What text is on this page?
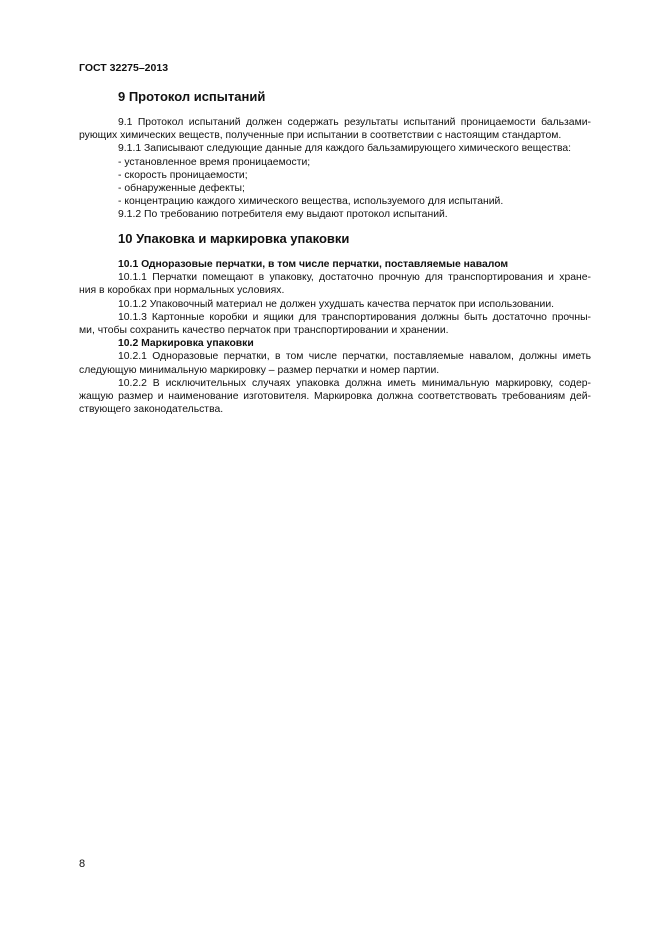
ГОСТ 32275–2013
9 Протокол испытаний

9.1 Протокол испытаний должен содержать результаты испытаний проницаемости бальзами-

рующих химических веществ, полученные при испытании в соответствии с настоящим стандартом.

9.1.1 Записывают следующие данные для каждого бальзамирующего химического вещества:

- установленное время проницаемости;

- скорость проницаемости;

- обнаруженные дефекты;

- концентрацию каждого химического вещества, используемого для испытаний.

9.1.2 По требованию потребителя ему выдают протокол испытаний.

10 Упаковка и маркировка упаковки

10.1 Одноразовые перчатки, в том числе перчатки, поставляемые навалом

10.1.1 Перчатки помещают в упаковку, достаточно прочную для транспортирования и хране-

ния в коробках при нормальных условиях.

10.1.2 Упаковочный материал не должен ухудшать качества перчаток при использовании.

10.1.3 Картонные коробки и ящики для транспортирования должны быть достаточно прочны-

ми, чтобы сохранить качество перчаток при транспортировании и хранении.

10.2 Маркировка упаковки

10.2.1 Одноразовые перчатки, в том числе перчатки, поставляемые навалом, должны иметь

следующую минимальную маркировку – размер перчатки и номер партии.

10.2.2 В исключительных случаях упаковка должна иметь минимальную маркировку, содер-

жащую размер и наименование изготовителя. Маркировка должна соответствовать требованиям дей-

ствующего законодательства.

8
